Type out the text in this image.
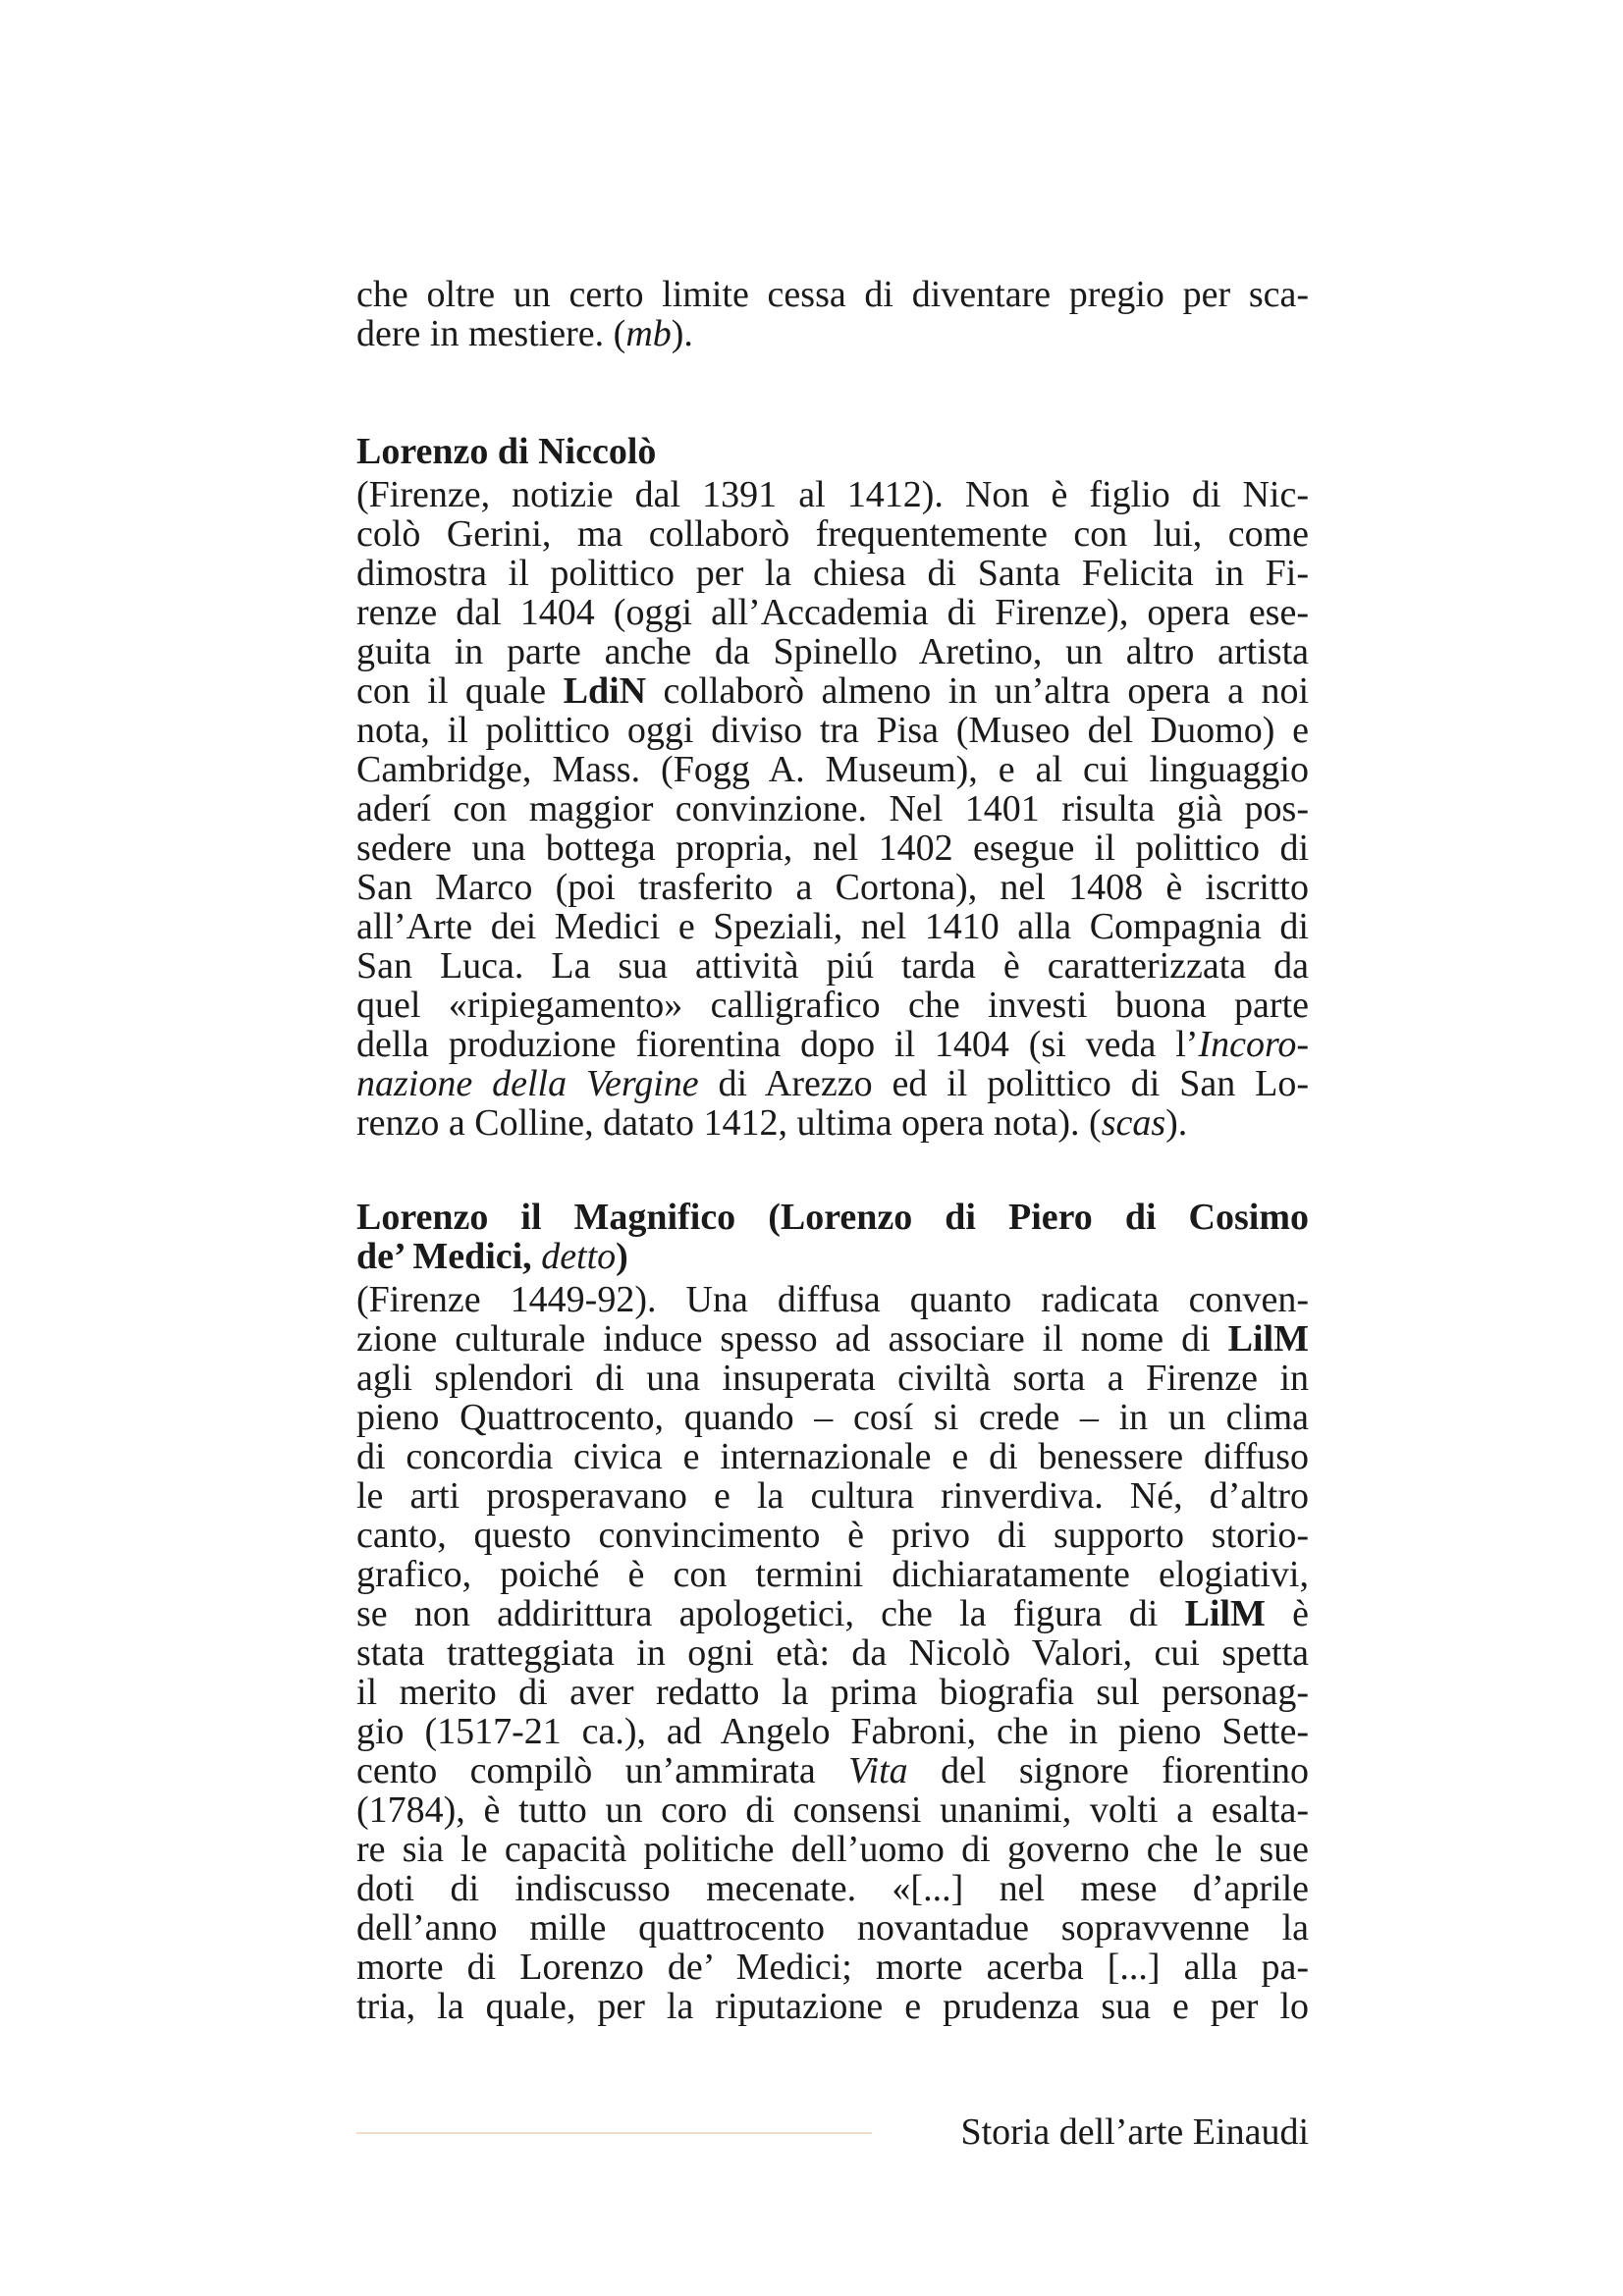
che oltre un certo limite cessa di diventare pregio per sca-
dere in mestiere. (mb).
Lorenzo di Niccolò
(Firenze, notizie dal 1391 al 1412). Non è figlio di Nic-
colò Gerini, ma collaborò frequentemente con lui, come
dimostra il polittico per la chiesa di Santa Felicita in Fi-
renze dal 1404 (oggi all’Accademia di Firenze), opera ese-
guita in parte anche da Spinello Aretino, un altro artista
con il quale LdiN collaborò almeno in un’altra opera a noi
nota, il polittico oggi diviso tra Pisa (Museo del Duomo) e
Cambridge, Mass. (Fogg A. Museum), e al cui linguaggio
aderí con maggior convinzione. Nel 1401 risulta già pos-
sedere una bottega propria, nel 1402 esegue il polittico di
San Marco (poi trasferito a Cortona), nel 1408 è iscritto
all’Arte dei Medici e Speziali, nel 1410 alla Compagnia di
San Luca. La sua attività piú tarda è caratterizzata da
quel «ripiegamento» calligrafico che investi buona parte
della produzione fiorentina dopo il 1404 (si veda l’Incoro-
nazione della Vergine di Arezzo ed il polittico di San Lo-
renzo a Colline, datato 1412, ultima opera nota). (scas).
Lorenzo il Magnifico (Lorenzo di Piero di Cosimo
de’ Medici, detto)
(Firenze 1449-92). Una diffusa quanto radicata conven-
zione culturale induce spesso ad associare il nome di LilM
agli splendori di una insuperata civiltà sorta a Firenze in
pieno Quattrocento, quando – cosí si crede – in un clima
di concordia civica e internazionale e di benessere diffuso
le arti prosperavano e la cultura rinverdiva. Né, d’altro
canto, questo convincimento è privo di supporto storio-
grafico, poiché è con termini dichiaratamente elogiativi,
se non addirittura apologetici, che la figura di LilM è
stata tratteggiata in ogni età: da Nicolò Valori, cui spetta
il merito di aver redatto la prima biografia sul personag-
gio (1517-21 ca.), ad Angelo Fabroni, che in pieno Sette-
cento compilò un’ammirata Vita del signore fiorentino
(1784), è tutto un coro di consensi unanimi, volti a esalta-
re sia le capacità politiche dell’uomo di governo che le sue
doti di indiscusso mecenate. «[...] nel mese d’aprile
dell’anno mille quattrocento novantadue sopravvenne la
morte di Lorenzo de’ Medici; morte acerba [...] alla pa-
tria, la quale, per la riputazione e prudenza sua e per lo
Storia dell’arte Einaudi
